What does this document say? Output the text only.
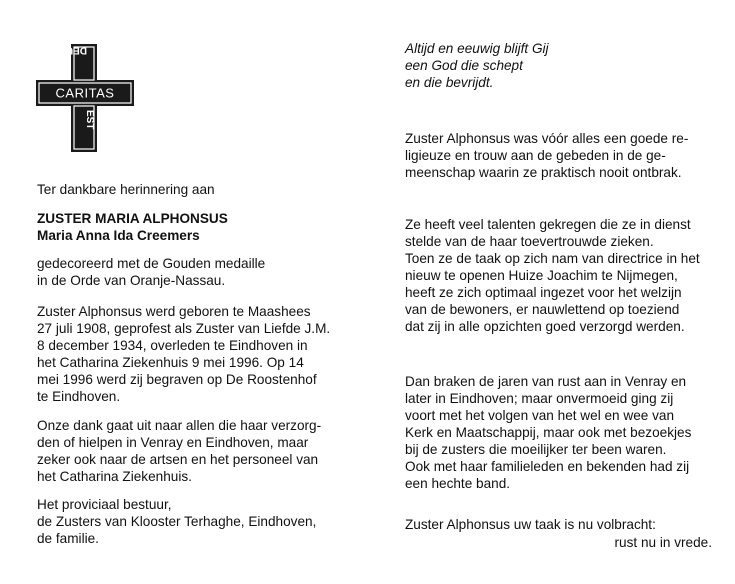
DEUS
EST
CARITAS

Ter dankbare herinnering aan

ZUSTER MARIA ALPHONSUS
Maria Anna Ida Creemers
gedecoreerd met de Gouden medaille
in de Orde van Oranje-Nassau.
Zuster Alphonsus werd geboren te Maashees
27 juli 1908, geprofest als Zuster van Liefde J.M.
8 december 1934, overleden te Eindhoven in
het Catharina Ziekenhuis 9 mei 1996. Op 14
mei 1996 werd zij begraven op De Roostenhof
te Eindhoven.
Onze dank gaat uit naar allen die haar verzorg-
den of hielpen in Venray en Eindhoven, maar
zeker ook naar de artsen en het personeel van
het Catharina Ziekenhuis.
Het proviciaal bestuur,
de Zusters van Klooster Terhaghe, Eindhoven,
de familie.
Altijd en eeuwig blijft Gij
een God die schept
en die bevrijdt.
Zuster Alphonsus was vóór alles een goede re-
ligieuze en trouw aan de gebeden in de ge-
meenschap waarin ze praktisch nooit ontbrak.
Ze heeft veel talenten gekregen die ze in dienst
stelde van de haar toevertrouwde zieken.
Toen ze de taak op zich nam van directrice in het
nieuw te openen Huize Joachim te Nijmegen,
heeft ze zich optimaal ingezet voor het welzijn
van de bewoners, er nauwlettend op toeziend
dat zij in alle opzichten goed verzorgd werden.
Dan braken de jaren van rust aan in Venray en
later in Eindhoven; maar onvermoeid ging zij
voort met het volgen van het wel en wee van
Kerk en Maatschappij, maar ook met bezoekjes
bij de zusters die moeilijker ter been waren.
Ook met haar familieleden en bekenden had zij
een hechte band.

Zuster Alphonsus uw taak is nu volbracht:

rust nu in vrede.
